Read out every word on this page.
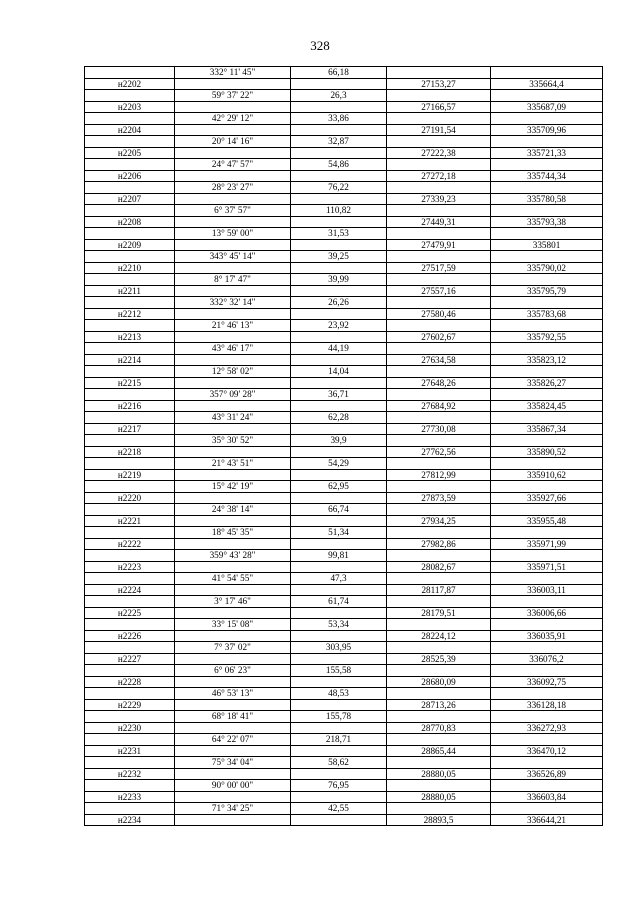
328
	332° 11' 45"	66,18		
н2202			27153,27	335664,4
	59° 37' 22"	26,3		
н2203			27166,57	335687,09
	42° 29' 12"	33,86		
н2204			27191,54	335709,96
	20° 14' 16"	32,87		
н2205			27222,38	335721,33
	24° 47' 57"	54,86		
н2206			27272,18	335744,34
	28° 23' 27"	76,22		
н2207			27339,23	335780,58
	6° 37' 57"	110,82		
н2208			27449,31	335793,38
	13° 59' 00"	31,53		
н2209			27479,91	335801
	343° 45' 14"	39,25		
н2210			27517,59	335790,02
	8° 17' 47"	39,99		
н2211			27557,16	335795,79
	332° 32' 14"	26,26		
н2212			27580,46	335783,68
	21° 46' 13"	23,92		
н2213			27602,67	335792,55
	43° 46' 17"	44,19		
н2214			27634,58	335823,12
	12° 58' 02"	14,04		
н2215			27648,26	335826,27
	357° 09' 28"	36,71		
н2216			27684,92	335824,45
	43° 31' 24"	62,28		
н2217			27730,08	335867,34
	35° 30' 52"	39,9		
н2218			27762,56	335890,52
	21° 43' 51"	54,29		
н2219			27812,99	335910,62
	15° 42' 19"	62,95		
н2220			27873,59	335927,66
	24° 38' 14"	66,74		
н2221			27934,25	335955,48
	18° 45' 35"	51,34		
н2222			27982,86	335971,99
	359° 43' 28"	99,81		
н2223			28082,67	335971,51
	41° 54' 55"	47,3		
н2224			28117,87	336003,11
	3° 17' 46"	61,74		
н2225			28179,51	336006,66
	33° 15' 08"	53,34		
н2226			28224,12	336035,91
	7° 37' 02"	303,95		
н2227			28525,39	336076,2
	6° 06' 23"	155,58		
н2228			28680,09	336092,75
	46° 53' 13"	48,53		
н2229			28713,26	336128,18
	68° 18' 41"	155,78		
н2230			28770,83	336272,93
	64° 22' 07"	218,71		
н2231			28865,44	336470,12
	75° 34' 04"	58,62		
н2232			28880,05	336526,89
	90° 00' 00"	76,95		
н2233			28880,05	336603,84
	71° 34' 25"	42,55		
н2234			28893,5	336644,21
